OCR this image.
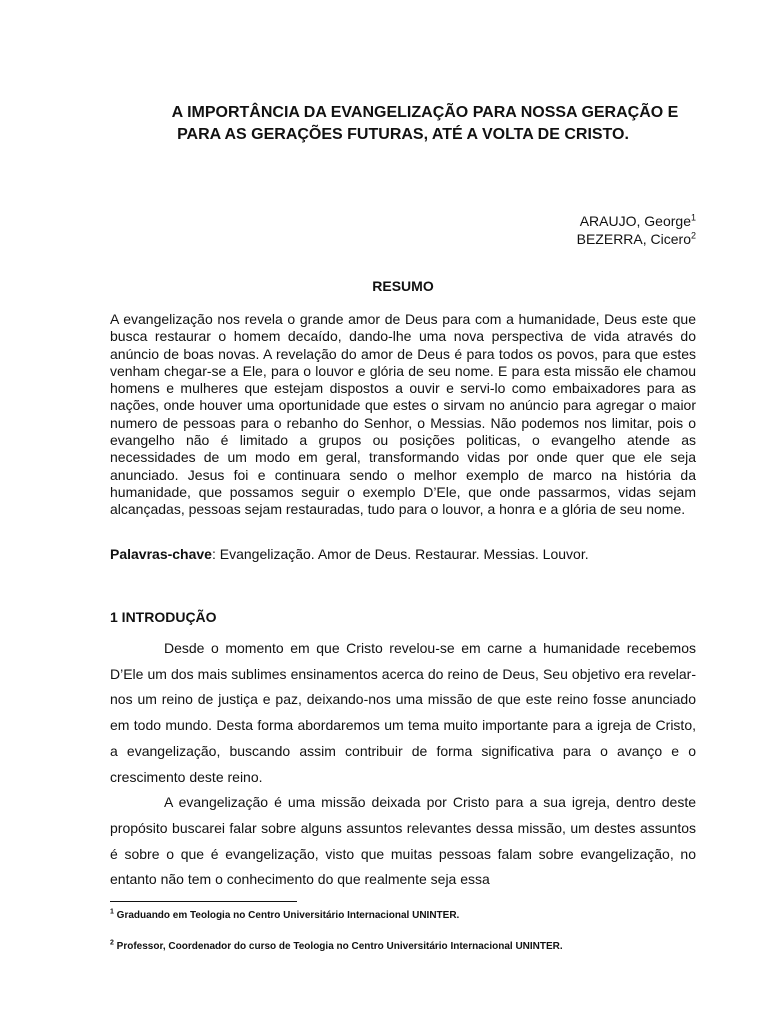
A IMPORTÂNCIA DA EVANGELIZAÇÃO PARA NOSSA GERAÇÃO E PARA AS GERAÇÕES FUTURAS, ATÉ A VOLTA DE CRISTO.
ARAUJO, George$^1$
BEZERRA, Cicero$^2$
RESUMO

A evangelização nos revela o grande amor de Deus para com a humanidade, Deus este que busca restaurar o homem decaído, dando-lhe uma nova perspectiva de vida através do anúncio de boas novas. A revelação do amor de Deus é para todos os povos, para que estes venham chegar-se a Ele, para o louvor e glória de seu nome. E para esta missão ele chamou homens e mulheres que estejam dispostos a ouvir e servi-lo como embaixadores para as nações, onde houver uma oportunidade que estes o sirvam no anúncio para agregar o maior numero de pessoas para o rebanho do Senhor, o Messias. Não podemos nos limitar, pois o evangelho não é limitado a grupos ou posições politicas, o evangelho atende as necessidades de um modo em geral, transformando vidas por onde quer que ele seja anunciado. Jesus foi e continuara sendo o melhor exemplo de marco na história da humanidade, que possamos seguir o exemplo D’Ele, que onde passarmos, vidas sejam alcançadas, pessoas sejam restauradas, tudo para o louvor, a honra e a glória de seu nome.

Palavras-chave: Evangelização. Amor de Deus. Restaurar. Messias. Louvor.

1 INTRODUÇÃO

Desde o momento em que Cristo revelou-se em carne a humanidade recebemos D’Ele um dos mais sublimes ensinamentos acerca do reino de Deus, Seu objetivo era revelar-nos um reino de justiça e paz, deixando-nos uma missão de que este reino fosse anunciado em todo mundo. Desta forma abordaremos um tema muito importante para a igreja de Cristo, a evangelização, buscando assim contribuir de forma significativa para o avanço e o crescimento deste reino.

A evangelização é uma missão deixada por Cristo para a sua igreja, dentro deste propósito buscarei falar sobre alguns assuntos relevantes dessa missão, um destes assuntos é sobre o que é evangelização, visto que muitas pessoas falam sobre evangelização, no entanto não tem o conhecimento do que realmente seja essa

$^1$ Graduando em Teologia no Centro Universitário Internacional UNINTER.
$^2$ Professor, Coordenador do curso de Teologia no Centro Universitário Internacional UNINTER.
